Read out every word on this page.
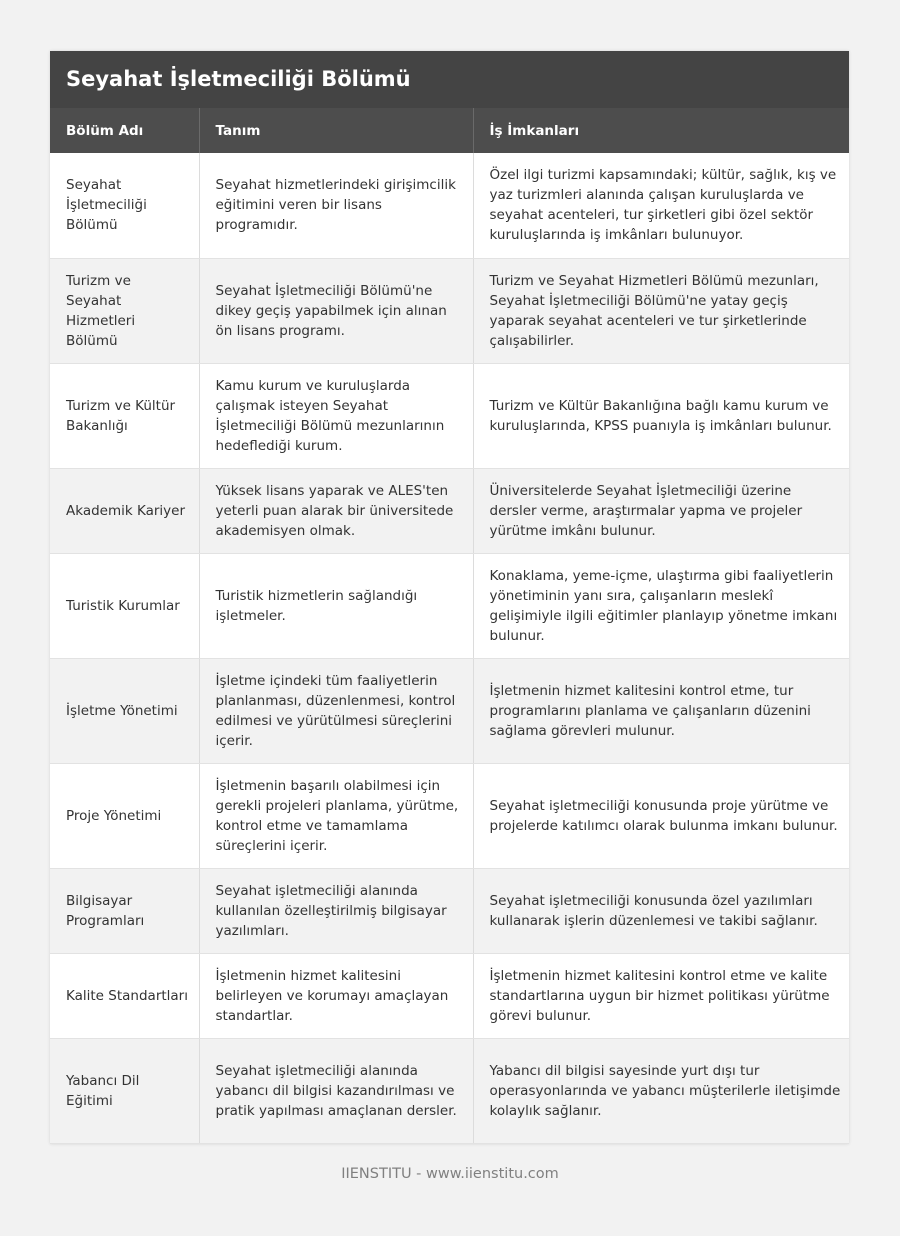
Seyahat İşletmeciliği Bölümü
Bölüm Adı	Tanım	İş İmkanları
Seyahat İşletmeciliği Bölümü	Seyahat hizmetlerindeki girişimcilik eğitimini veren bir lisans programıdır.	Özel ilgi turizmi kapsamındaki; kültür, sağlık, kış ve yaz turizmleri alanında çalışan kuruluşlarda ve seyahat acenteleri, tur şirketleri gibi özel sektör kuruluşlarında iş imkânları bulunuyor.
Turizm ve Seyahat Hizmetleri Bölümü	Seyahat İşletmeciliği Bölümü'ne dikey geçiş yapabilmek için alınan ön lisans programı.	Turizm ve Seyahat Hizmetleri Bölümü mezunları, Seyahat İşletmeciliği Bölümü'ne yatay geçiş yaparak seyahat acenteleri ve tur şirketlerinde çalışabilirler.
Turizm ve Kültür Bakanlığı	Kamu kurum ve kuruluşlarda çalışmak isteyen Seyahat İşletmeciliği Bölümü mezunlarının hedeflediği kurum.	Turizm ve Kültür Bakanlığına bağlı kamu kurum ve kuruluşlarında, KPSS puanıyla iş imkânları bulunur.
Akademik Kariyer	Yüksek lisans yaparak ve ALES'ten yeterli puan alarak bir üniversitede akademisyen olmak.	Üniversitelerde Seyahat İşletmeciliği üzerine dersler verme, araştırmalar yapma ve projeler yürütme imkânı bulunur.
Turistik Kurumlar	Turistik hizmetlerin sağlandığı işletmeler.	Konaklama, yeme-içme, ulaştırma gibi faaliyetlerin yönetiminin yanı sıra, çalışanların meslekî gelişimiyle ilgili eğitimler planlayıp yönetme imkanı bulunur.
İşletme Yönetimi	İşletme içindeki tüm faaliyetlerin planlanması, düzenlenmesi, kontrol edilmesi ve yürütülmesi süreçlerini içerir.	İşletmenin hizmet kalitesini kontrol etme, tur programlarını planlama ve çalışanların düzenini sağlama görevleri mulunur.
Proje Yönetimi	İşletmenin başarılı olabilmesi için gerekli projeleri planlama, yürütme, kontrol etme ve tamamlama süreçlerini içerir.	Seyahat işletmeciliği konusunda proje yürütme ve projelerde katılımcı olarak bulunma imkanı bulunur.
Bilgisayar Programları	Seyahat işletmeciliği alanında kullanılan özelleştirilmiş bilgisayar yazılımları.	Seyahat işletmeciliği konusunda özel yazılımları kullanarak işlerin düzenlemesi ve takibi sağlanır.
Kalite Standartları	İşletmenin hizmet kalitesini belirleyen ve korumayı amaçlayan standartlar.	İşletmenin hizmet kalitesini kontrol etme ve kalite standartlarına uygun bir hizmet politikası yürütme görevi bulunur.
Yabancı Dil Eğitimi	Seyahat işletmeciliği alanında yabancı dil bilgisi kazandırılması ve pratik yapılması amaçlanan dersler.	Yabancı dil bilgisi sayesinde yurt dışı tur operasyonlarında ve yabancı müşterilerle iletişimde kolaylık sağlanır.
IIENSTITU - www.iienstitu.com
